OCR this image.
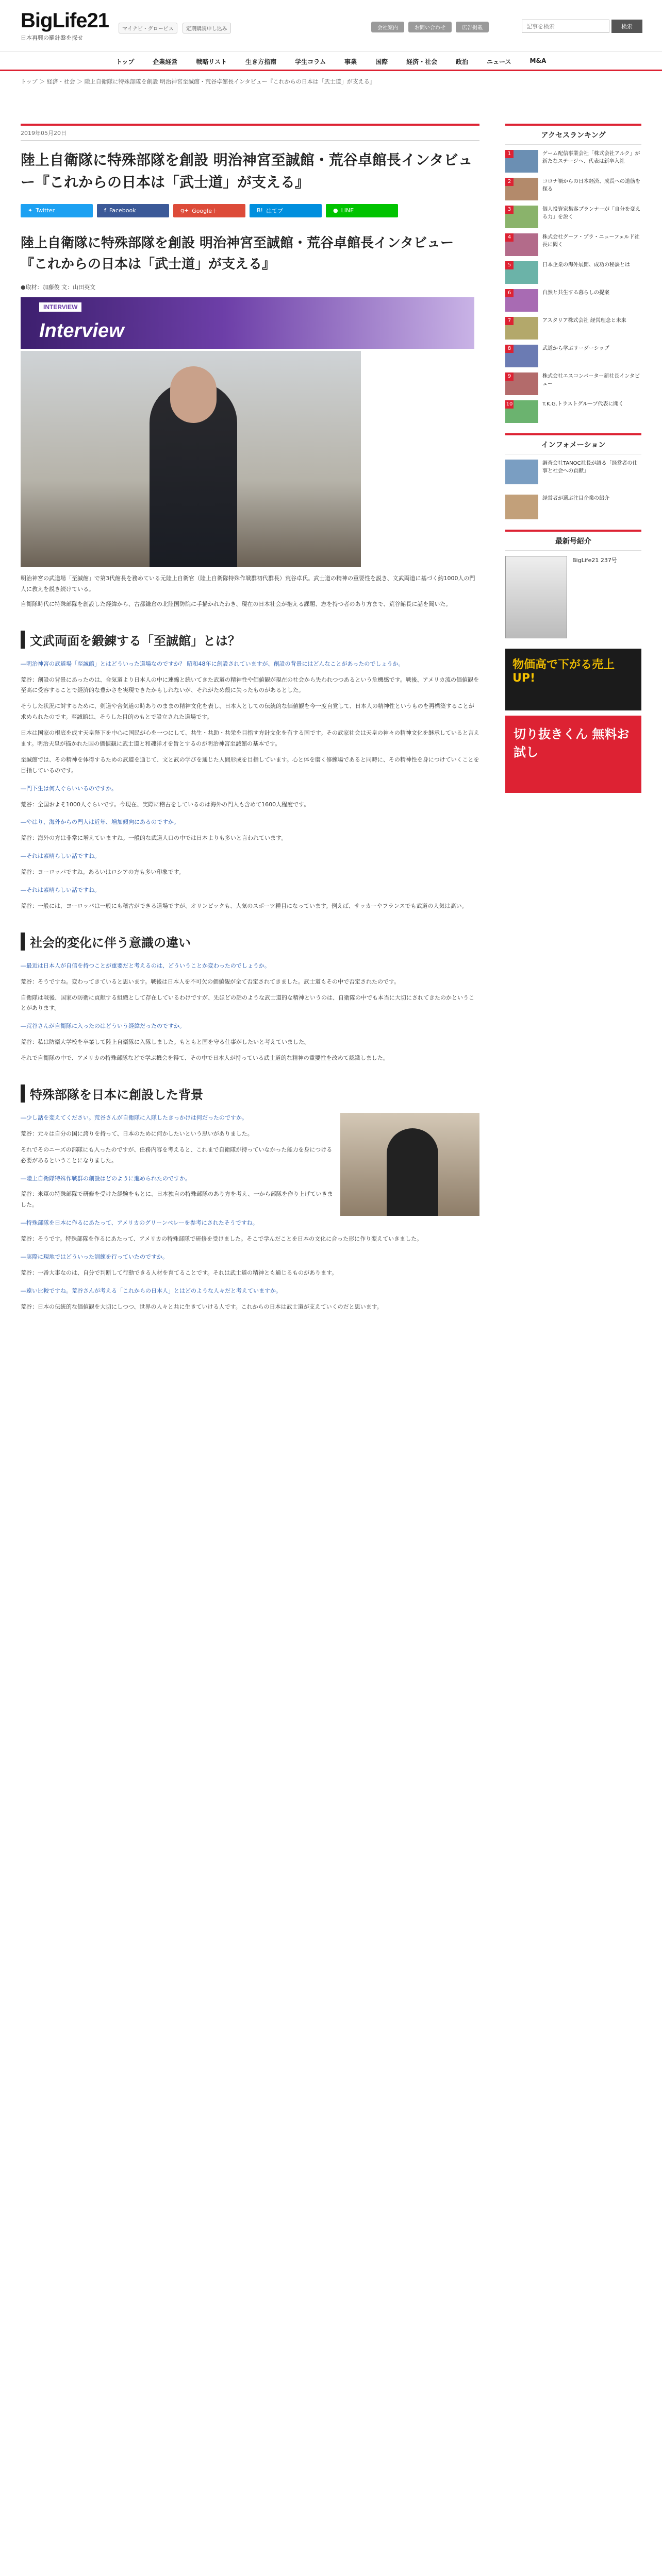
BigLife21
日本再興の羅針盤を探せ
マイナビ・グロービス	定期購読申し込み	会社案内	お問い合わせ	広告掲載
記事を検索	検索
トップ	企業経営	戦略リスト	生き方指南	学生コラム	事業	国際	経済・社会	政治	ニュース	M&A
トップ ＞ 経済・社会 ＞ 陸上自衛隊に特殊部隊を創設 明治神宮至誠館・荒谷卓館長インタビュー『これからの日本は「武士道」が支える』
2019年05月20日
陸上自衛隊に特殊部隊を創設 明治神宮至誠館・荒谷卓館長インタビュー『これからの日本は「武士道」が支える』
✦ Twitter	f Facebook	g+ Google＋	B! はてブ	● LINE
陸上自衛隊に特殊部隊を創設 明治神宮至誠館・荒谷卓館長インタビュー『これからの日本は「武士道」が支える』
●取材：加藤俊 文：山田英文
INTERVIEW
Interview

明治神宮の武道場「至誠館」で第3代館長を務めている元陸上自衛官（陸上自衛隊特殊作戦群初代群長）荒谷卓氏。武士道の精神の重要性を説き、文武両道に基づく約1000人の門人に教えを説き続けている。

自衛隊時代に特殊部隊を創設した経緯から、古都鎌倉の北陸国防院に手描かれたわき、現在の日本社会が抱える課題、志を持つ者のあり方まで、荒谷館長に話を聞いた。

文武両面を鍛錬する「至誠館」とは？

―明治神宮の武道場「至誠館」とはどういった道場なのですか？ 昭和48年に創設されていますが、創設の背景にはどんなことがあったのでしょうか。

荒谷：創設の背景にあったのは、合気道より日本人の中に連綿と続いてきた武道の精神性や価値観が現在の社会から失われつつあるという危機感です。戦後、アメリカ流の価値観を至高に受容することで経済的な豊かさを実現できたかもしれないが、それがため殻に失ったものがあるとした。

そうした状況に対するために、剣道や合気道の時ありのままの精神文化を表し、日本人としての伝統的な価値観を今一度自覚して、日本人の精神性というものを再構築することが求められたのです。至誠館は、そうした目的のもとで設立された道場です。

日本は国家の根底を成す天皇陛下を中心に国民が心を一つにして、共生・共助・共栄を目指す方針文化を有する国です。その武家社会は天皇の神々の精神文化を継承していると言えます。明治天皇が描かれた国の価値観に武士道と和魂洋才を旨とするのが明治神宮至誠館の基本です。

至誠館では、その精神を体得するための武道を通じて、文と武の学びを通じた人間形成を目指しています。心と体を磨く修練場であると同時に、その精神性を身につけていくことを目指しているのです。

―門下生は何人ぐらいいるのですか。

荒谷：全国およそ1000人ぐらいです。今現在、実際に稽古をしているのは海外の門人も含めて1600人程度です。

―やはり、海外からの門人は近年、増加傾向にあるのですか。

荒谷：海外の方は非常に増えていますね。一般的な武道人口の中では日本よりも多いと言われています。

―それは素晴らしい話ですね。

荒谷：ヨーロッパですね。あるいはロシアの方も多い印象です。

―それは素晴らしい話ですね。

荒谷：一般には、ヨーロッパは一般にも稽古ができる道場ですが、オリンピックも、人気のスポーツ種目になっています。例えば、サッカーやフランスでも武道の人気は高い。

社会的変化に伴う意識の違い

―最近は日本人が自信を持つことが重要だと考えるのは、どういうことか変わったのでしょうか。

荒谷：そうですね。変わってきていると思います。戦後は日本人を不可欠の価値観が全て否定されてきました。武士道もその中で否定されたのです。

自衛隊は戦後、国家の防衛に貢献する組織として存在しているわけですが、先ほどの話のような武士道的な精神というのは、自衛隊の中でも本当に大切にされてきたのかということがあります。

―荒谷さんが自衛隊に入ったのはどういう経緯だったのですか。

荒谷：私は防衛大学校を卒業して陸上自衛隊に入隊しました。もともと国を守る仕事がしたいと考えていました。

それで自衛隊の中で、アメリカの特殊部隊などで学ぶ機会を得て、その中で日本人が持っている武士道的な精神の重要性を改めて認識しました。

特殊部隊を日本に創設した背景

―少し話を変えてください。荒谷さんが自衛隊に入隊したきっかけは何だったのですか。

荒谷：元々は自分の国に誇りを持って、日本のために何かしたいという思いがありました。

それでそのニーズの部隊にも入ったのですが、任務内容を考えると、これまで自衛隊が持っていなかった能力を身につける必要があるということになりました。

―陸上自衛隊特殊作戦群の創設はどのように進められたのですか。

荒谷：米軍の特殊部隊で研修を受けた経験をもとに、日本独自の特殊部隊のあり方を考え、一から部隊を作り上げていきました。

―特殊部隊を日本に作るにあたって、アメリカのグリーンベレーを参考にされたそうですね。

荒谷：そうです。特殊部隊を作るにあたって、アメリカの特殊部隊で研修を受けました。そこで学んだことを日本の文化に合った形に作り変えていきました。

―実際に現地ではどういった訓練を行っていたのですか。

荒谷：一番大事なのは、自分で判断して行動できる人材を育てることです。それは武士道の精神とも通じるものがあります。

―遠い比較ですね。荒谷さんが考える「これからの日本人」とはどのような人々だと考えていますか。

荒谷：日本の伝統的な価値観を大切にしつつ、世界の人々と共に生きていける人です。これからの日本は武士道が支えていくのだと思います。

アクセスランキング
1	ゲーム配信事業会社「株式会社アルク」が新たなステージへ、代表は新卒入社
2	コロナ禍からの日本経済、成長への道筋を探る
3	個人投資家集客プランナーが「自分を変える力」を説く
4	株式会社グーフ・プラ・ニューフェルド社長に聞く
5	日本企業の海外展開、成功の秘訣とは
6	自然と共生する暮らしの提案
7	アスタリア株式会社 経営理念と未来
8	武道から学ぶリーダーシップ
9	株式会社エスコンバーター新社長インタビュー
10	T.K.G.トラストグループ代表に聞く
インフォメーション
調査会社TANOC社長が語る「経営者の仕事と社会への貢献」
経営者が選ぶ注目企業の紹介
最新号紹介
BigLife21 237号
物価高で下がる売上UP!
切り抜きくん 無料お試し
